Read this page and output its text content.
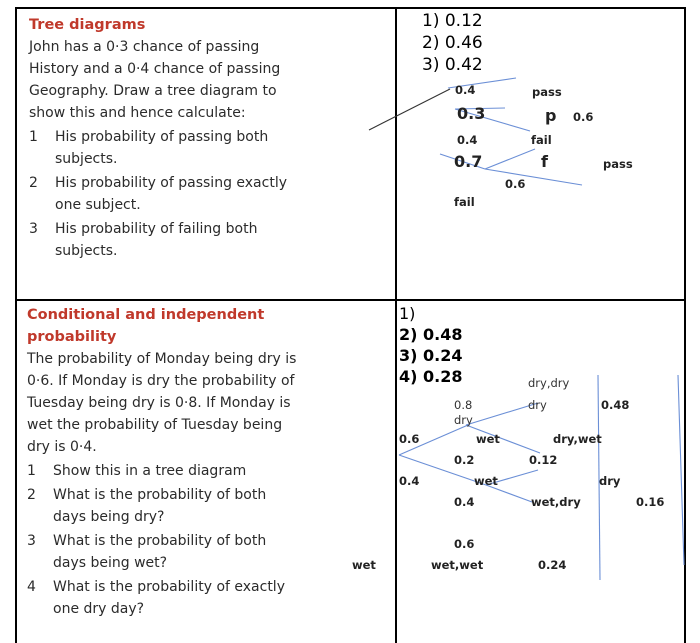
Tree diagrams

John has a 0·3 chance of passing History and a 0·4 chance of passing Geography. Draw a tree diagram to show this and hence calculate:

1	His probability of passing both subjects.
2	His probability of passing exactly one subject.
3	His probability of failing both subjects.
1) 0.12
2) 0.46
3) 0.42

Conditional and independent probability

The probability of Monday being dry is 0·6. If Monday is dry the probability of Tuesday being dry is 0·8. If Monday is wet the probability of Tuesday being dry is 0·4.

1	Show this in a tree diagram
2	What is the probability of both days being dry?
3	What is the probability of both days being wet?
4	What is the probability of exactly one dry day?
1)
2) 0.48
3) 0.24
4) 0.28
0.4	pass
0.3	p 0.6
0.4	fail
0.7	f	pass
0.6
fail
dry,dry
dry	0.48
0.8
dry
0.6	wet	dry,wet
0.2	0.12
0.4	wet	dry
0.4	wet,dry	0.16
0.6
wet	wet,wet	0.24
